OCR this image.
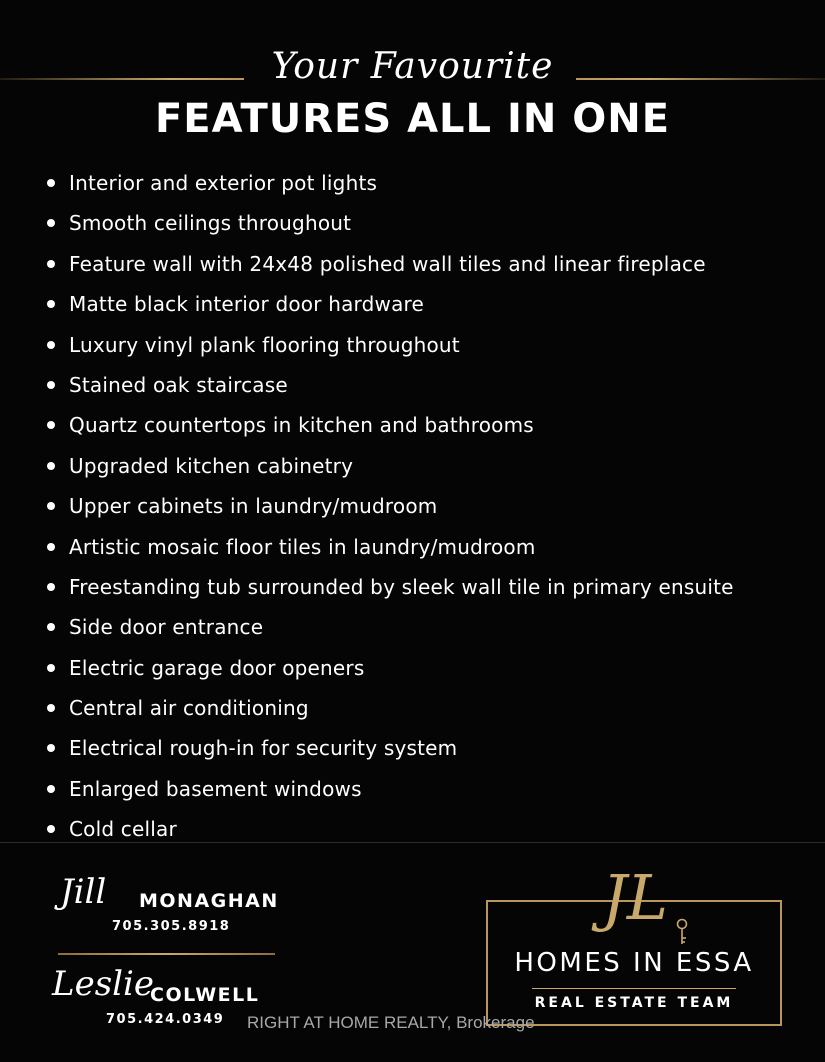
Your Favourite
FEATURES ALL IN ONE
Interior and exterior pot lights
Smooth ceilings throughout
Feature wall with 24x48 polished wall tiles and linear fireplace
Matte black interior door hardware
Luxury vinyl plank flooring throughout
Stained oak staircase
Quartz countertops in kitchen and bathrooms
Upgraded kitchen cabinetry
Upper cabinets in laundry/mudroom
Artistic mosaic floor tiles in laundry/mudroom
Freestanding tub surrounded by sleek wall tile in primary ensuite
Side door entrance
Electric garage door openers
Central air conditioning
Electrical rough-in for security system
Enlarged basement windows
Cold cellar
Jill MONAGHAN
705.305.8918
Leslie
COLWELL
705.424.0349
JL
HOMES IN ESSA
REAL ESTATE TEAM
RIGHT AT HOME REALTY, Brokerage
